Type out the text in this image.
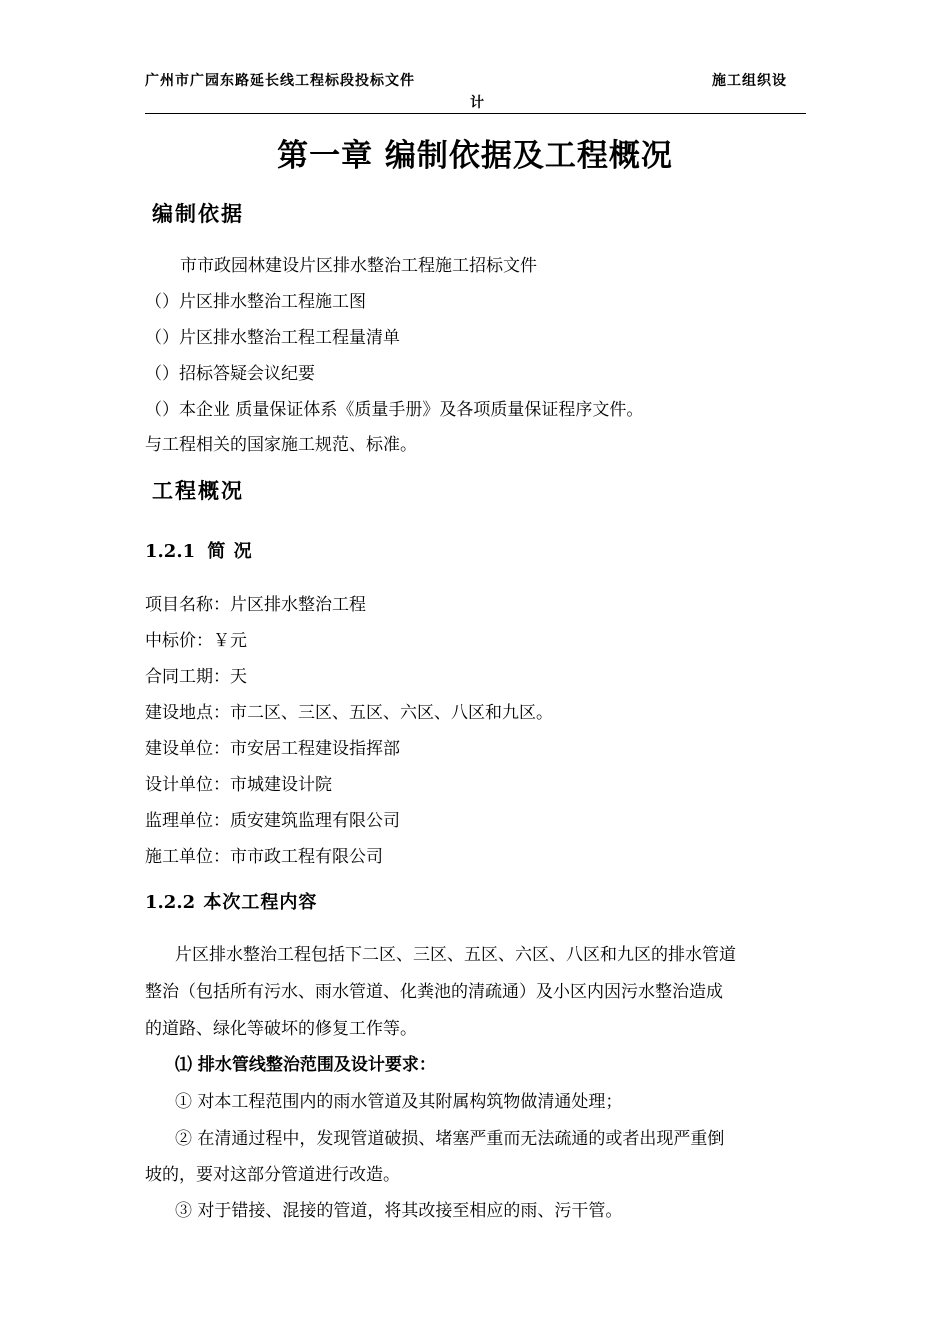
广州市广园东路延长线工程标段投标文件	施工组织设
计
第一章 编制依据及工程概况
编制依据
市市政园林建设片区排水整治工程施工招标文件
（）片区排水整治工程施工图
（）片区排水整治工程工程量清单
（）招标答疑会议纪要
（）本企业 质量保证体系《质量手册》及各项质量保证程序文件。
与工程相关的国家施工规范、标准。
工程概况
1.2.1 简 况
项目名称：片区排水整治工程
中标价：￥元
合同工期：天
建设地点：市二区、三区、五区、六区、八区和九区。
建设单位：市安居工程建设指挥部
设计单位：市城建设计院
监理单位：质安建筑监理有限公司
施工单位：市市政工程有限公司
1.2.2 本次工程内容
片区排水整治工程包括下二区、三区、五区、六区、八区和九区的排水管道
整治（包括所有污水、雨水管道、化粪池的清疏通）及小区内因污水整治造成
的道路、绿化等破坏的修复工作等。
⑴ 排水管线整治范围及设计要求：
① 对本工程范围内的雨水管道及其附属构筑物做清通处理；
② 在清通过程中，发现管道破损、堵塞严重而无法疏通的或者出现严重倒
坡的，要对这部分管道进行改造。
③ 对于错接、混接的管道，将其改接至相应的雨、污干管。
